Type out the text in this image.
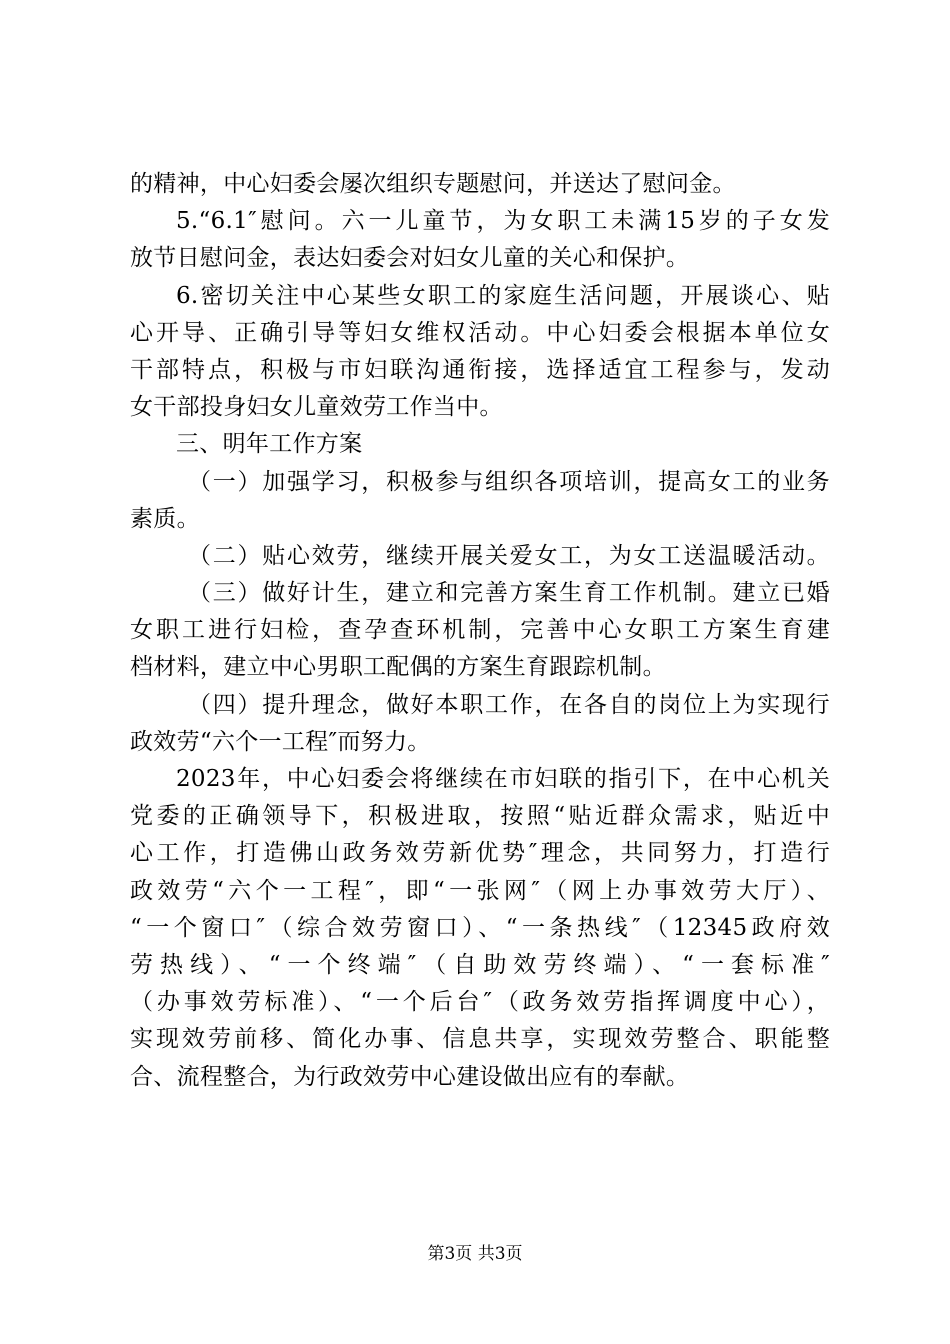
的精神，中心妇委会屡次组织专题慰问，并送达了慰问金。
5.“6.1″慰问。六一儿童节，为女职工未满15岁的子女发
放节日慰问金，表达妇委会对妇女儿童的关心和保护。
6.密切关注中心某些女职工的家庭生活问题，开展谈心、贴
心开导、正确引导等妇女维权活动。中心妇委会根据本单位女
干部特点，积极与市妇联沟通衔接，选择适宜工程参与，发动
女干部投身妇女儿童效劳工作当中。
三、明年工作方案
（一）加强学习，积极参与组织各项培训，提高女工的业务
素质。
（二）贴心效劳，继续开展关爱女工，为女工送温暖活动。
（三）做好计生，建立和完善方案生育工作机制。建立已婚
女职工进行妇检，查孕查环机制，完善中心女职工方案生育建
档材料，建立中心男职工配偶的方案生育跟踪机制。
（四）提升理念，做好本职工作，在各自的岗位上为实现行
政效劳“六个一工程″而努力。
2023年，中心妇委会将继续在市妇联的指引下，在中心机关
党委的正确领导下，积极进取，按照“贴近群众需求，贴近中
心工作，打造佛山政务效劳新优势″理念，共同努力，打造行
政效劳“六个一工程″，即“一张网″（网上办事效劳大厅）、
“一个窗口″（综合效劳窗口）、“一条热线″（12345政府效
劳热线）、“一个终端″（自助效劳终端）、“一套标准″
（办事效劳标准）、“一个后台″（政务效劳指挥调度中心），
实现效劳前移、简化办事、信息共享，实现效劳整合、职能整
合、流程整合，为行政效劳中心建设做出应有的奉献。
第3页 共3页
